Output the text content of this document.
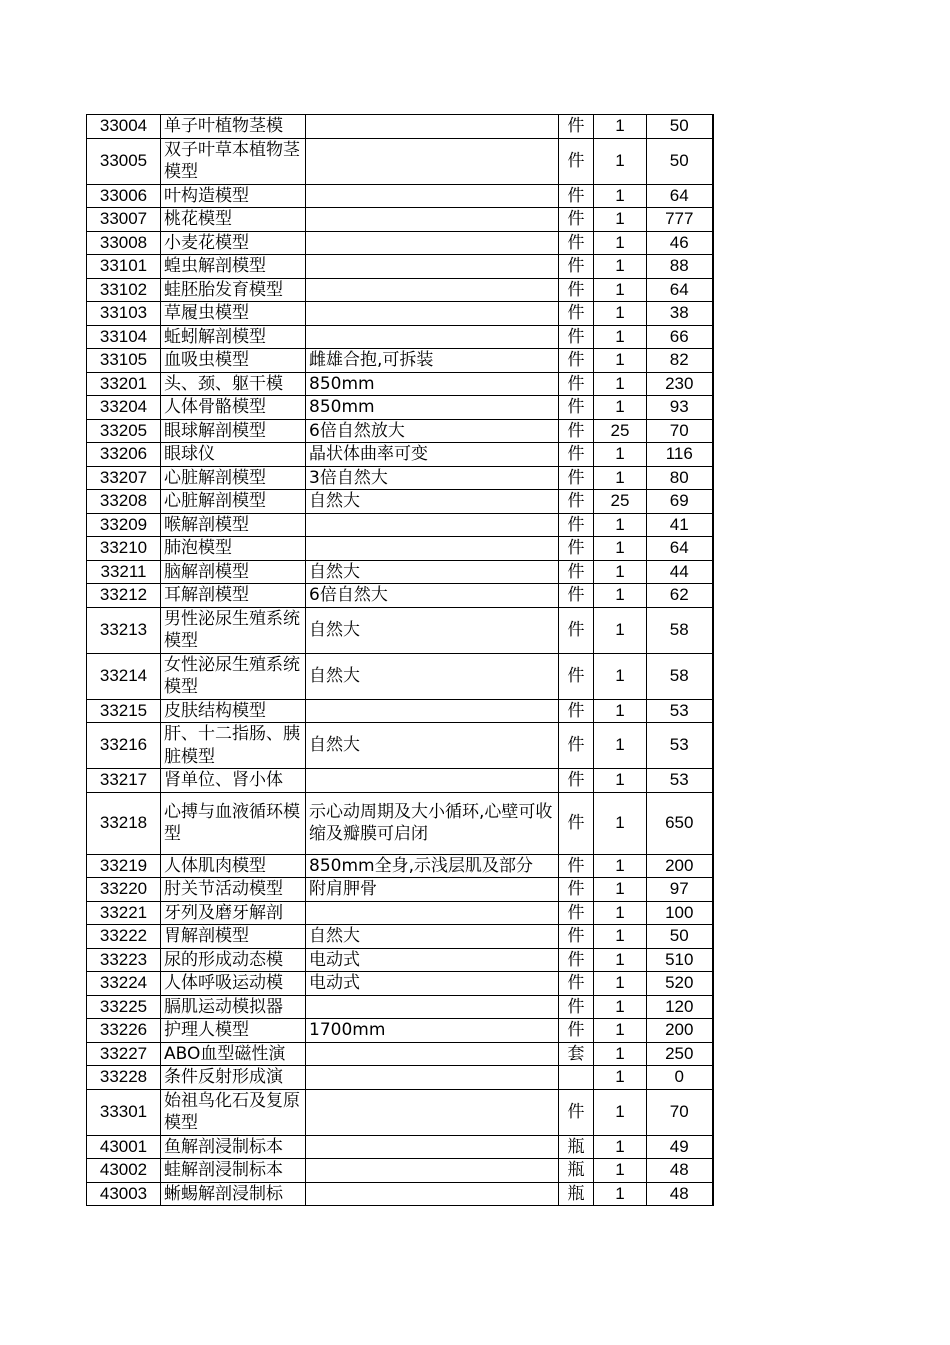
33004	单子叶植物茎模		件	1	50
33005	双子叶草本植物茎模型		件	1	50
33006	叶构造模型		件	1	64
33007	桃花模型		件	1	777
33008	小麦花模型		件	1	46
33101	蝗虫解剖模型		件	1	88
33102	蛙胚胎发育模型		件	1	64
33103	草履虫模型		件	1	38
33104	蚯蚓解剖模型		件	1	66
33105	血吸虫模型	雌雄合抱,可拆装	件	1	82
33201	头、颈、躯干模	850mm	件	1	230
33204	人体骨骼模型	850mm	件	1	93
33205	眼球解剖模型	6倍自然放大	件	25	70
33206	眼球仪	晶状体曲率可变	件	1	116
33207	心脏解剖模型	3倍自然大	件	1	80
33208	心脏解剖模型	自然大	件	25	69
33209	喉解剖模型		件	1	41
33210	肺泡模型		件	1	64
33211	脑解剖模型	自然大	件	1	44
33212	耳解剖模型	6倍自然大	件	1	62
33213	男性泌尿生殖系统模型	自然大	件	1	58
33214	女性泌尿生殖系统模型	自然大	件	1	58
33215	皮肤结构模型		件	1	53
33216	肝、十二指肠、胰脏模型	自然大	件	1	53
33217	肾单位、肾小体		件	1	53
33218	心搏与血液循环模型	示心动周期及大小循环,心壁可收缩及瓣膜可启闭	件	1	650
33219	人体肌肉模型	850mm全身,示浅层肌及部分	件	1	200
33220	肘关节活动模型	附肩胛骨	件	1	97
33221	牙列及磨牙解剖		件	1	100
33222	胃解剖模型	自然大	件	1	50
33223	尿的形成动态模	电动式	件	1	510
33224	人体呼吸运动模	电动式	件	1	520
33225	膈肌运动模拟器		件	1	120
33226	护理人模型	1700mm	件	1	200
33227	ABO血型磁性演		套	1	250
33228	条件反射形成演			1	0
33301	始祖鸟化石及复原模型		件	1	70
43001	鱼解剖浸制标本		瓶	1	49
43002	蛙解剖浸制标本		瓶	1	48
43003	蜥蜴解剖浸制标		瓶	1	48
